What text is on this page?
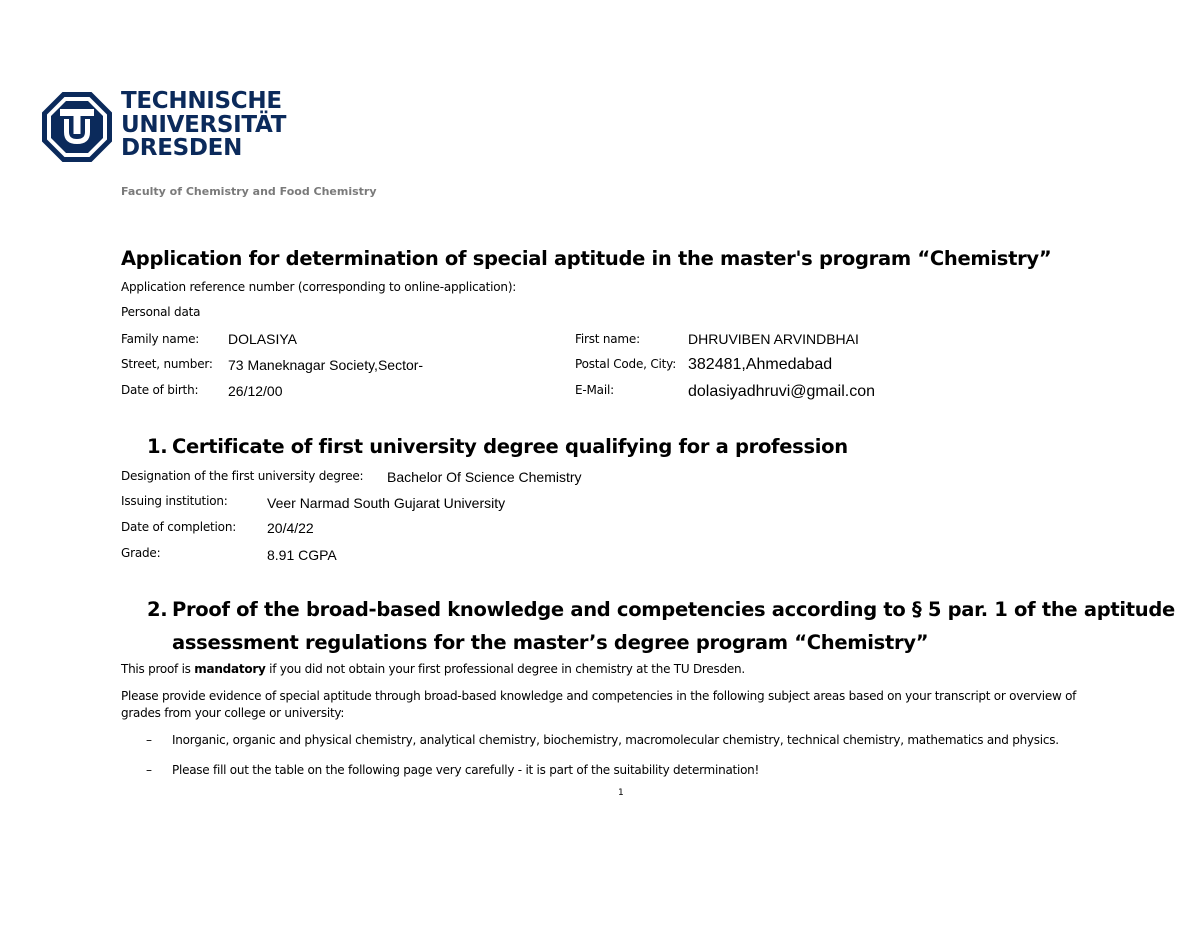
TECHNISCHE
UNIVERSITÄT
DRESDEN
Faculty of Chemistry and Food Chemistry
Application for determination of special aptitude in the master's program “Chemistry”
Application reference number (corresponding to online-application):
Personal data
Family name: DOLASIYA	First name:	DHRUVIBEN ARVINDBHAI
Street, number: 73 Maneknagar Society,Sector-	Postal Code, City: 382481,Ahmedabad
Date of birth: 26/12/00	E-Mail:	dolasiyadhruvi@gmail.con
1. Certificate of first university degree qualifying for a profession
Designation of the first university degree: Bachelor Of Science Chemistry
Issuing institution:	Veer Narmad South Gujarat University
Date of completion: 20/4/22
Grade:	8.91 CGPA
2. Proof of the broad-based knowledge and competencies according to § 5 par. 1 of the aptitude
assessment regulations for the master’s degree program “Chemistry”
This proof is mandatory if you did not obtain your first professional degree in chemistry at the TU Dresden.
Please provide evidence of special aptitude through broad-based knowledge and competencies in the following subject areas based on your transcript or overview of
grades from your college or university:
– Inorganic, organic and physical chemistry, analytical chemistry, biochemistry, macromolecular chemistry, technical chemistry, mathematics and physics.
– Please fill out the table on the following page very carefully - it is part of the suitability determination!
1
